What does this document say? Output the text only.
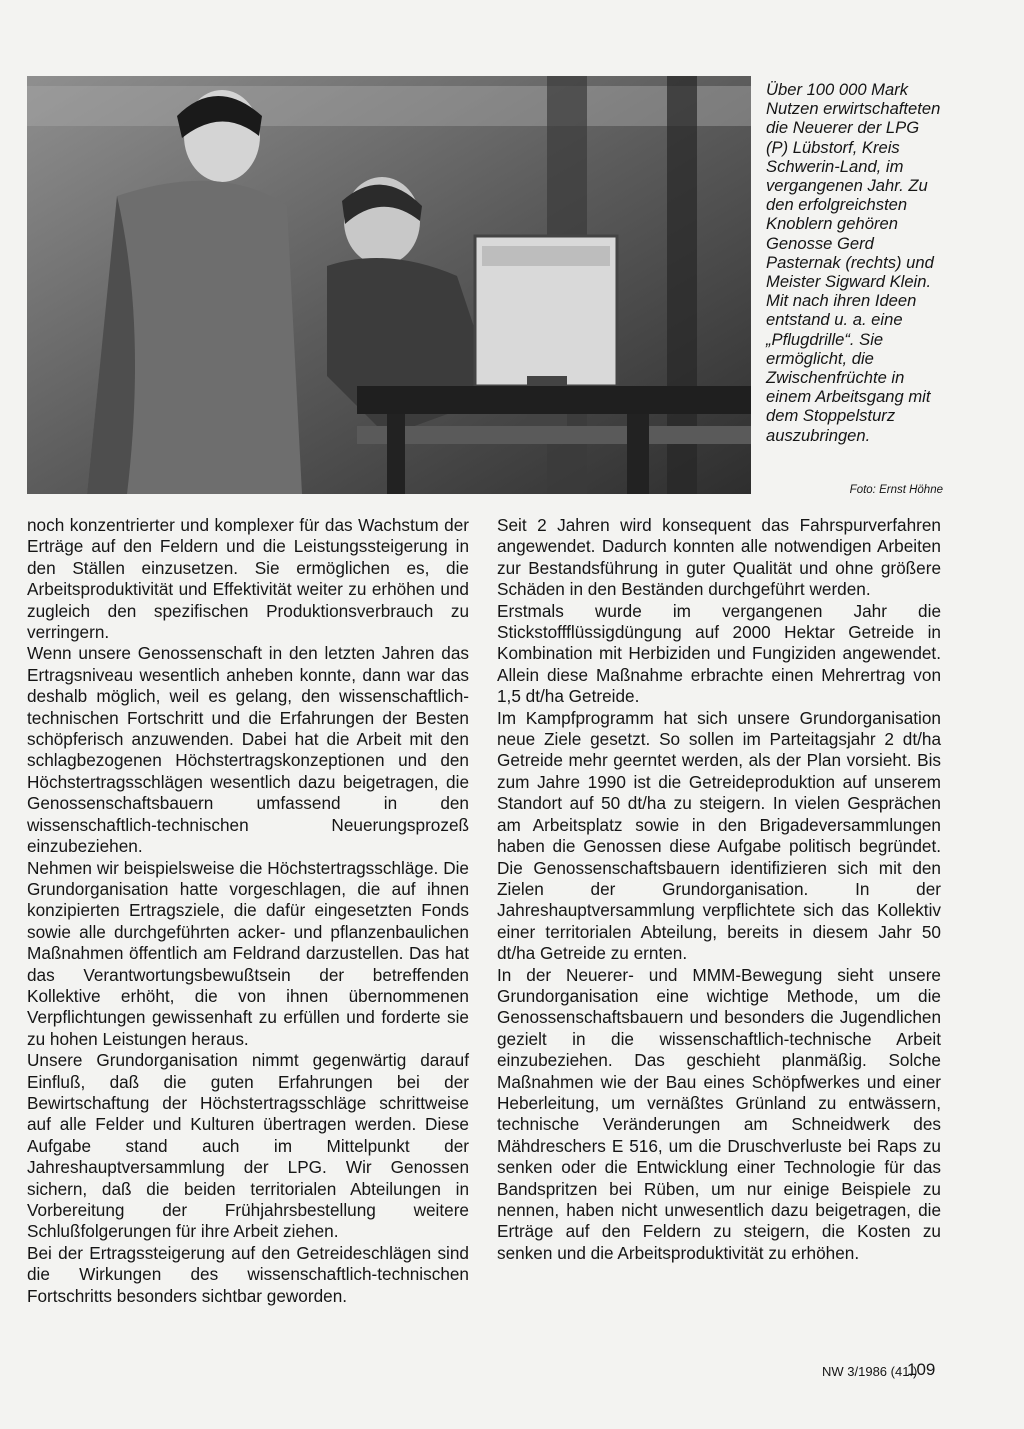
Über 100 000 Mark Nutzen erwirtschafteten die Neuerer der LPG (P) Lübstorf, Kreis Schwerin-Land, im vergangenen Jahr. Zu den erfolgreichsten Knoblern gehören Genosse Gerd Pasternak (rechts) und Meister Sigward Klein. Mit nach ihren Ideen entstand u. a. eine „Pflugdrille“. Sie ermöglicht, die Zwischenfrüchte in einem Arbeitsgang mit dem Stoppelsturz auszubringen.

Foto: Ernst Höhne

noch konzentrierter und komplexer für das Wachstum der Erträge auf den Feldern und die Leistungssteigerung in den Ställen einzusetzen. Sie ermöglichen es, die Arbeitsproduktivität und Effektivität weiter zu erhöhen und zugleich den spezifischen Produktionsverbrauch zu verringern.

Wenn unsere Genossenschaft in den letzten Jahren das Ertragsniveau wesentlich anheben konnte, dann war das deshalb möglich, weil es gelang, den wissenschaftlich-technischen Fortschritt und die Erfahrungen der Besten schöpferisch anzuwenden. Dabei hat die Arbeit mit den schlagbezogenen Höchstertragskonzeptionen und den Höchstertragsschlägen wesentlich dazu beigetragen, die Genossenschaftsbauern umfassend in den wissenschaftlich-technischen Neuerungsprozeß einzubeziehen.

Nehmen wir beispielsweise die Höchstertragsschläge. Die Grundorganisation hatte vorgeschlagen, die auf ihnen konzipierten Ertragsziele, die dafür eingesetzten Fonds sowie alle durchgeführten acker- und pflanzenbaulichen Maßnahmen öffentlich am Feldrand darzustellen. Das hat das Verantwortungsbewußtsein der betreffenden Kollektive erhöht, die von ihnen übernommenen Verpflichtungen gewissenhaft zu erfüllen und forderte sie zu hohen Leistungen heraus.

Unsere Grundorganisation nimmt gegenwärtig darauf Einfluß, daß die guten Erfahrungen bei der Bewirtschaftung der Höchstertragsschläge schrittweise auf alle Felder und Kulturen übertragen werden. Diese Aufgabe stand auch im Mittelpunkt der Jahreshauptversammlung der LPG. Wir Genossen sichern, daß die beiden territorialen Abteilungen in Vorbereitung der Frühjahrsbestellung weitere Schlußfolgerungen für ihre Arbeit ziehen.

Bei der Ertragssteigerung auf den Getreideschlägen sind die Wirkungen des wissenschaftlich-technischen Fortschritts besonders sichtbar geworden.

Seit 2 Jahren wird konsequent das Fahrspurverfahren angewendet. Dadurch konnten alle notwendigen Arbeiten zur Bestandsführung in guter Qualität und ohne größere Schäden in den Beständen durchgeführt werden.

Erstmals wurde im vergangenen Jahr die Stickstoffflüssigdüngung auf 2000 Hektar Getreide in Kombination mit Herbiziden und Fungiziden angewendet. Allein diese Maßnahme erbrachte einen Mehrertrag von 1,5 dt/ha Getreide.

Im Kampfprogramm hat sich unsere Grundorganisation neue Ziele gesetzt. So sollen im Parteitagsjahr 2 dt/ha Getreide mehr geerntet werden, als der Plan vorsieht. Bis zum Jahre 1990 ist die Getreideproduktion auf unserem Standort auf 50 dt/ha zu steigern. In vielen Gesprächen am Arbeitsplatz sowie in den Brigadeversammlungen haben die Genossen diese Aufgabe politisch begründet. Die Genossenschaftsbauern identifizieren sich mit den Zielen der Grundorganisation. In der Jahreshauptversammlung verpflichtete sich das Kollektiv einer territorialen Abteilung, bereits in diesem Jahr 50 dt/ha Getreide zu ernten.

In der Neuerer- und MMM-Bewegung sieht unsere Grundorganisation eine wichtige Methode, um die Genossenschaftsbauern und besonders die Jugendlichen gezielt in die wissenschaftlich-technische Arbeit einzubeziehen. Das geschieht planmäßig. Solche Maßnahmen wie der Bau eines Schöpfwerkes und einer Heberleitung, um vernäßtes Grünland zu entwässern, technische Veränderungen am Schneidwerk des Mähdreschers E 516, um die Druschverluste bei Raps zu senken oder die Entwicklung einer Technologie für das Bandspritzen bei Rüben, um nur einige Beispiele zu nennen, haben nicht unwesentlich dazu beigetragen, die Erträge auf den Feldern zu steigern, die Kosten zu senken und die Arbeitsproduktivität zu erhöhen.

NW 3/1986 (41.)
109
